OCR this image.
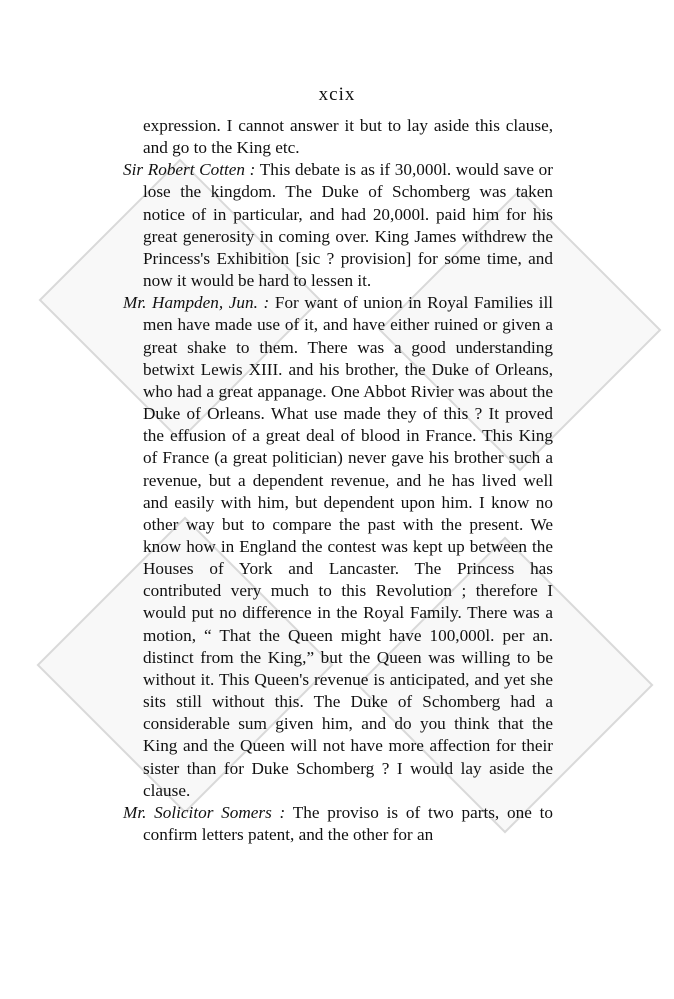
xcix

expression. I cannot answer it but to lay aside this clause, and go to the King etc.

Sir Robert Cotten : This debate is as if 30,000l. would save or lose the kingdom. The Duke of Schomberg was taken notice of in particular, and had 20,000l. paid him for his great generosity in coming over. King James withdrew the Princess's Exhibition [sic ? provision] for some time, and now it would be hard to lessen it.

Mr. Hampden, Jun. : For want of union in Royal Families ill men have made use of it, and have either ruined or given a great shake to them. There was a good understanding betwixt Lewis XIII. and his brother, the Duke of Orleans, who had a great appanage. One Abbot Rivier was about the Duke of Orleans. What use made they of this ? It proved the effusion of a great deal of blood in France. This King of France (a great politician) never gave his brother such a revenue, but a dependent revenue, and he has lived well and easily with him, but dependent upon him. I know no other way but to compare the past with the present. We know how in England the contest was kept up between the Houses of York and Lancaster. The Princess has contributed very much to this Revolution ; therefore I would put no difference in the Royal Family. There was a motion, “ That the Queen might have 100,000l. per an. distinct from the King,” but the Queen was willing to be without it. This Queen's revenue is anticipated, and yet she sits still without this. The Duke of Schomberg had a considerable sum given him, and do you think that the King and the Queen will not have more affection for their sister than for Duke Schomberg ? I would lay aside the clause.

Mr. Solicitor Somers : The proviso is of two parts, one to confirm letters patent, and the other for an
